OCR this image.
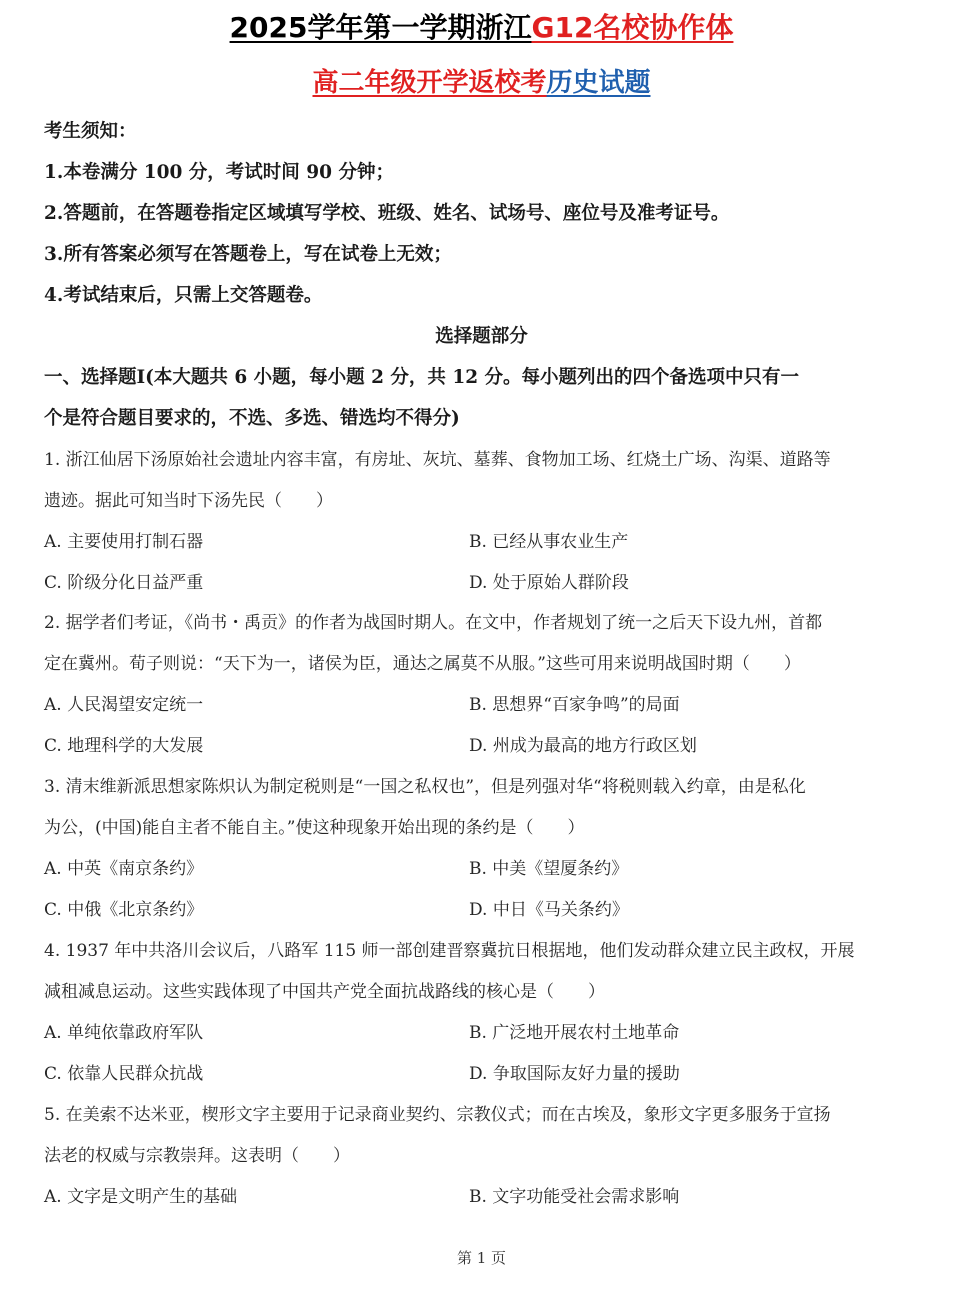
2025学年第一学期浙江G12名校协作体
高二年级开学返校考历史试题
考生须知：
1.本卷满分 100 分，考试时间 90 分钟；
2.答题前，在答题卷指定区域填写学校、班级、姓名、试场号、座位号及准考证号。
3.所有答案必须写在答题卷上，写在试卷上无效；
4.考试结束后，只需上交答题卷。
选择题部分
一、选择题Ⅰ(本大题共 6 小题，每小题 2 分，共 12 分。每小题列出的四个备选项中只有一
个是符合题目要求的，不选、多选、错选均不得分)
1. 浙江仙居下汤原始社会遗址内容丰富，有房址、灰坑、墓葬、食物加工场、红烧土广场、沟渠、道路等
遗迹。据此可知当时下汤先民（　　）
A. 主要使用打制石器	B. 已经从事农业生产
C. 阶级分化日益严重	D. 处于原始人群阶段
2. 据学者们考证，《尚书・禹贡》的作者为战国时期人。在文中，作者规划了统一之后天下设九州，首都
定在冀州。荀子则说：“天下为一，诸侯为臣，通达之属莫不从服。”这些可用来说明战国时期（　　）
A. 人民渴望安定统一	B. 思想界“百家争鸣”的局面
C. 地理科学的大发展	D. 州成为最高的地方行政区划
3. 清末维新派思想家陈炽认为制定税则是“一国之私权也”，但是列强对华“将税则载入约章，由是私化
为公，(中国)能自主者不能自主。”使这种现象开始出现的条约是（　　）
A. 中英《南京条约》	B. 中美《望厦条约》
C. 中俄《北京条约》	D. 中日《马关条约》
4. 1937 年中共洛川会议后，八路军 115 师一部创建晋察冀抗日根据地，他们发动群众建立民主政权，开展
减租减息运动。这些实践体现了中国共产党全面抗战路线的核心是（　　）
A. 单纯依靠政府军队	B. 广泛地开展农村土地革命
C. 依靠人民群众抗战	D. 争取国际友好力量的援助
5. 在美索不达米亚，楔形文字主要用于记录商业契约、宗教仪式；而在古埃及，象形文字更多服务于宣扬
法老的权威与宗教崇拜。这表明（　　）
A. 文字是文明产生的基础	B. 文字功能受社会需求影响
第 1 页
